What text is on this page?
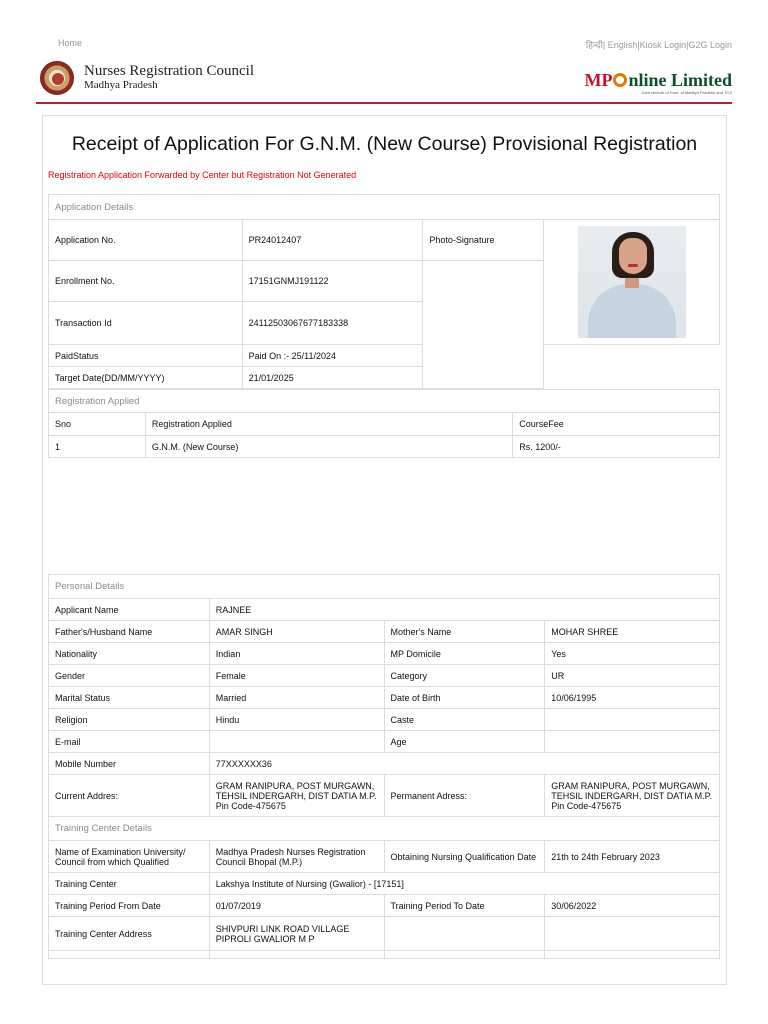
Home	हिन्दी| English|Kiosk Login|G2G Login
Nurses Registration Council
Madhya Pradesh	MP nline Limited
Joint venture of Govt. of Madhya Pradesh and TCS
Receipt of Application For G.N.M. (New Course) Provisional Registration
Registration Application Forwarded by Center but Registration Not Generated
Application Details			
Application No.	PR24012407	Photo-Signature	

Enrollment No.	17151GNMJ191122		
Transaction Id	24112503067677183338		
PaidStatus	Paid On :- 25/11/2024		
Target Date(DD/MM/YYYY)	21/01/2025		
Registration Applied		
Sno	Registration Applied	CourseFee
1	G.N.M. (New Course)	Rs. 1200/-
Personal Details			
Applicant Name	RAJNEE		
Father's/Husband Name	AMAR SINGH	Mother's Name	MOHAR SHREE
Nationality	Indian	MP Domicile	Yes
Gender	Female	Category	UR
Marital Status	Married	Date of Birth	10/06/1995
Religion	Hindu	Caste	
E-mail		Age	
Mobile Number	77XXXXXX36		
Current Addres:	GRAM RANIPURA, POST MURGAWN, TEHSIL INDERGARH, DIST DATIA M.P. Pin Code-475675	Permanent Adress:	GRAM RANIPURA, POST MURGAWN, TEHSIL INDERGARH, DIST DATIA M.P. Pin Code-475675
Training Center Details			
Name of Examination University/ Council from which Qualified	Madhya Pradesh Nurses Registration Council Bhopal (M.P.)	Obtaining Nursing Qualification Date	21th to 24th February 2023
Training Center	Lakshya Institute of Nursing (Gwalior) - [17151]		
Training Period From Date	01/07/2019	Training Period To Date	30/06/2022
Training Center Address	SHIVPURI LINK ROAD VILLAGE PIPROLI GWALIOR M P		
